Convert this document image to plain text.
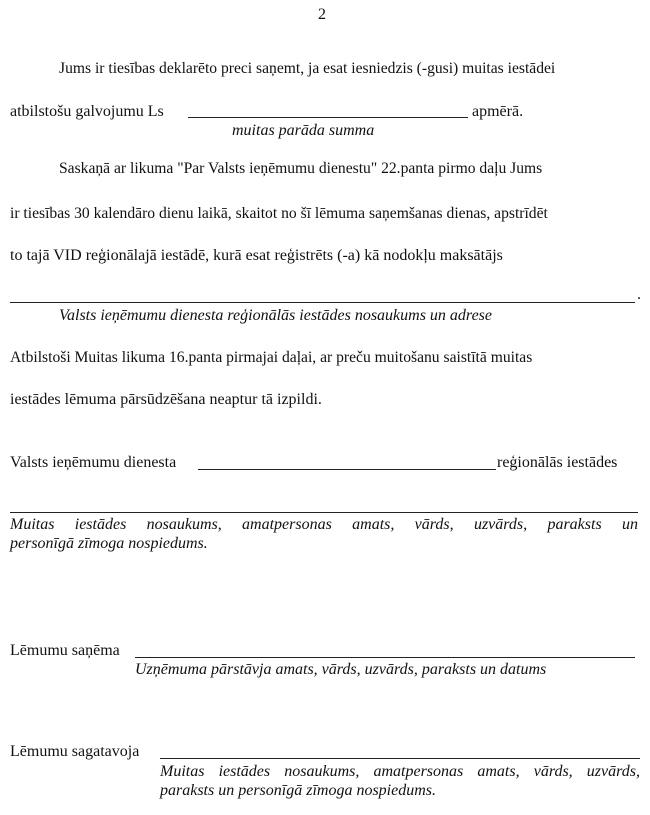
2
Jums ir tiesības deklarēto preci saņemt, ja esat iesniedzis (-gusi) muitas iestādei
atbilstošu galvojumu Ls	apmērā.
muitas parāda summa
Saskaņā ar likuma "Par Valsts ieņēmumu dienestu" 22.panta pirmo daļu Jums
ir tiesības 30 kalendāro dienu laikā, skaitot no šī lēmuma saņemšanas dienas, apstrīdēt
to tajā VID reģionālajā iestādē, kurā esat reģistrēts (-a) kā nodokļu maksātājs
.
Valsts ieņēmumu dienesta reģionālās iestādes nosaukums un adrese
Atbilstoši Muitas likuma 16.panta pirmajai daļai, ar preču muitošanu saistītā muitas
iestādes lēmuma pārsūdzēšana neaptur tā izpildi.
Valsts ieņēmumu dienesta	reģionālās iestādes
Muitas iestādes nosaukums, amatpersonas amats, vārds, uzvārds, paraksts un
personīgā zīmoga nospiedums.
Lēmumu saņēma
Uzņēmuma pārstāvja amats, vārds, uzvārds, paraksts un datums
Lēmumu sagatavoja
Muitas iestādes nosaukums, amatpersonas amats, vārds, uzvārds,
paraksts un personīgā zīmoga nospiedums.
